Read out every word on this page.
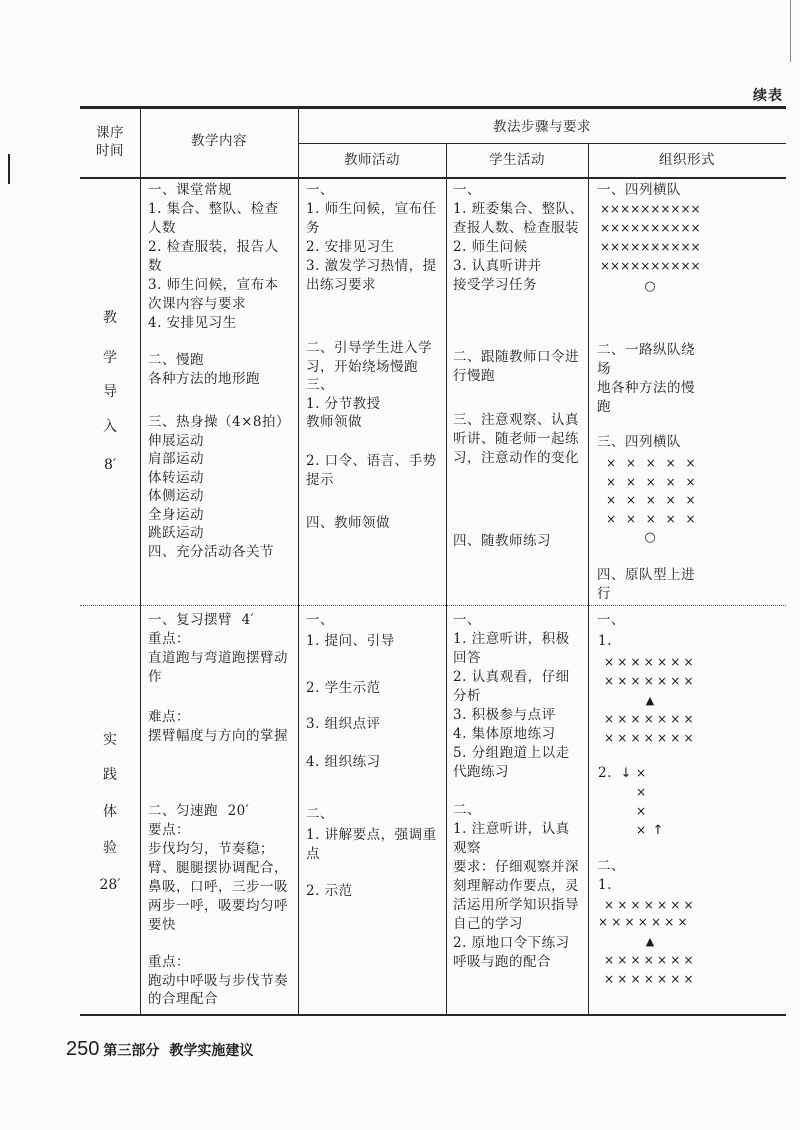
续表
课序
时间
教学内容
教法步骤与要求
教师活动	学生活动	组织形式
教
学
导
入
8′
一、课堂常规
1. 集合、整队、检查
人数
2. 检查服装，报告人
数
3. 师生问候，宣布本
次课内容与要求
4. 安排见习生
二、慢跑
各种方法的地形跑
三、热身操（4×8拍）
伸展运动
肩部运动
体转运动
体侧运动
全身运动
跳跃运动
四、充分活动各关节
一、
1. 师生问候，宣布任
务
2. 安排见习生
3. 激发学习热情，提
出练习要求
二、引导学生进入学
习，开始绕场慢跑
三、
1. 分节教授
教师领做
2. 口令、语言、手势
提示
四、教师领做
一、
1. 班委集合、整队、
查报人数、检查服装
2. 师生问候
3. 认真听讲并
接受学习任务
二、跟随教师口令进
行慢跑
三、注意观察、认真
听讲、随老师一起练
习，注意动作的变化
四、随教师练习
一、四列横队
××××××××××
××××××××××
××××××××××
××××××××××
○
二、一路纵队绕
场
地各种方法的慢
跑
三、四列横队
× × × × ×
× × × × ×
× × × × ×
× × × × ×
○
四、原队型上进
行
实
践
体
验
28′
一、复习摆臂  4′
重点：
直道跑与弯道跑摆臂动
作
难点：
摆臂幅度与方向的掌握
二、匀速跑  20′
要点：
步伐均匀，节奏稳；
臂、腿腿摆协调配合，
鼻吸，口呼，三步一吸
两步一呼，吸要均匀呼
要快
重点：
跑动中呼吸与步伐节奏
的合理配合
一、
1. 提问、引导
2. 学生示范
3. 组织点评
4. 组织练习
二、
1. 讲解要点，强调重
点
2. 示范
一、
1. 注意听讲，积极
回答
2. 认真观看，仔细
分析
3. 积极参与点评
4. 集体原地练习
5. 分组跑道上以走
代跑练习
二、
1. 注意听讲，认真
观察
要求：仔细观察并深
刻理解动作要点，灵
活运用所学知识指导
自己的学习
2. 原地口令下练习
呼吸与跑的配合
一、
1.
×××××××
×××××××
▲
×××××××
×××××××
2. ↓ ×
×
×
× ↑
二、
1.
×××××××
×××××××
▲
×××××××
×××××××
250 第三部分 教学实施建议
